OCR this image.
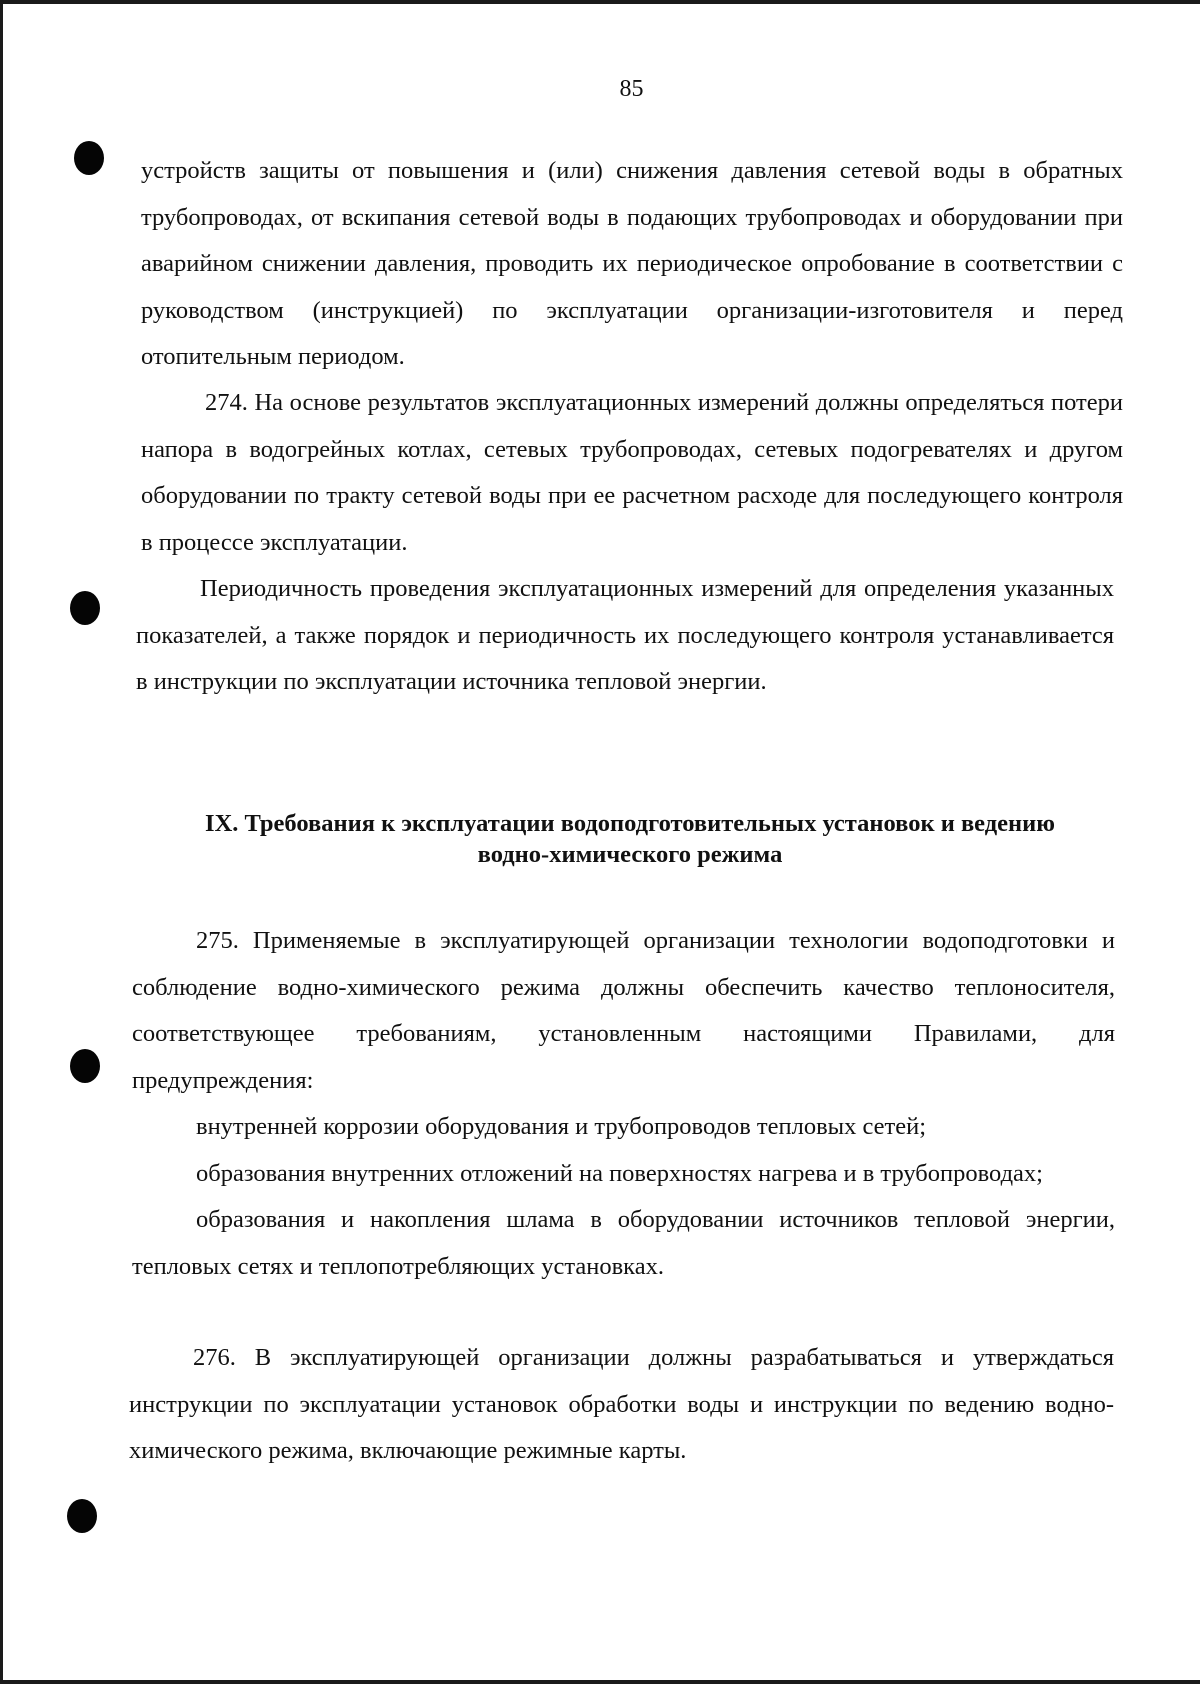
85

устройств защиты от повышения и (или) снижения давления сетевой воды в обратных трубопроводах, от вскипания сетевой воды в подающих трубопроводах и оборудовании при аварийном снижении давления, проводить их периодическое опробование в соответствии с руководством (инструкцией) по эксплуатации организации-изготовителя и перед отопительным периодом.

274. На основе результатов эксплуатационных измерений должны определяться потери напора в водогрейных котлах, сетевых трубопроводах, сетевых подогревателях и другом оборудовании по тракту сетевой воды при ее расчетном расходе для последующего контроля в процессе эксплуатации.

Периодичность проведения эксплуатационных измерений для определения указанных показателей, а также порядок и периодичность их последующего контроля устанавливается в инструкции по эксплуатации источника тепловой энергии.

IX. Требования к эксплуатации водоподготовительных установок и ведению

водно-химического режима

275. Применяемые в эксплуатирующей организации технологии водоподготовки и соблюдение водно-химического режима должны обеспечить качество теплоносителя, соответствующее требованиям, установленным настоящими Правилами, для предупреждения:

внутренней коррозии оборудования и трубопроводов тепловых сетей;

образования внутренних отложений на поверхностях нагрева и в трубопроводах;

образования и накопления шлама в оборудовании источников тепловой энергии, тепловых сетях и теплопотребляющих установках.

276. В эксплуатирующей организации должны разрабатываться и утверждаться инструкции по эксплуатации установок обработки воды и инструкции по ведению водно-химического режима, включающие режимные карты.
